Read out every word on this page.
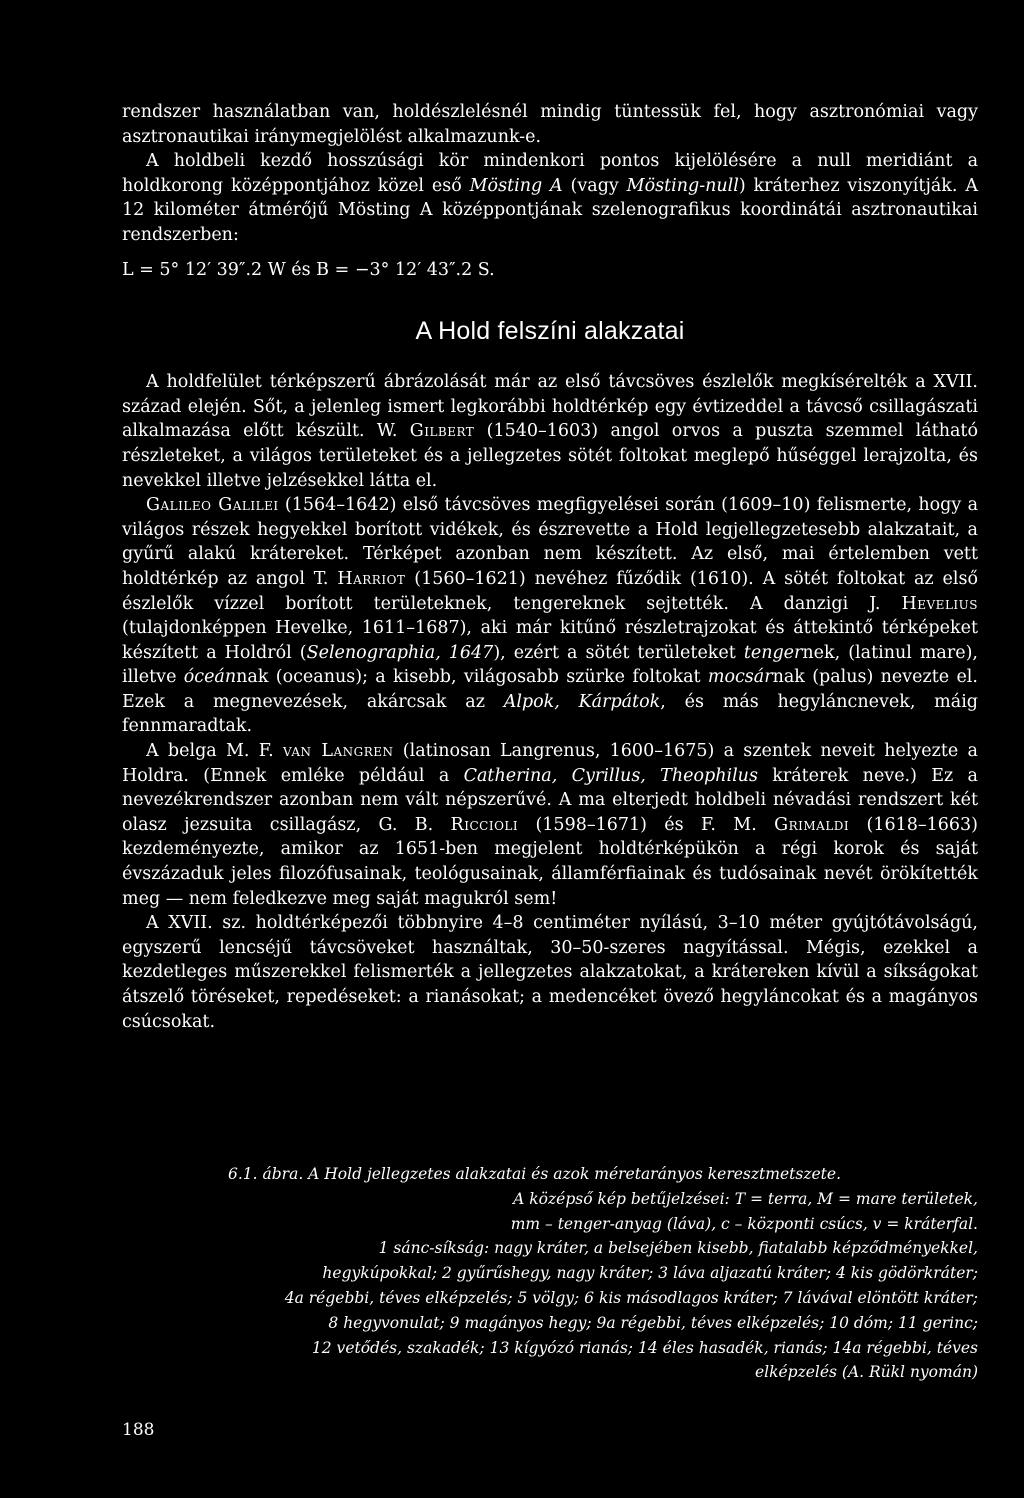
rendszer használatban van, holdészlelésnél mindig tüntessük fel, hogy asztronómiai vagy asztronautikai iránymegjelölést alkalmazunk-e.

A holdbeli kezdő hosszúsági kör mindenkori pontos kijelölésére a null meridiánt a holdkorong középpontjához közel eső Mösting A (vagy Mösting-null) kráterhez viszonyítják. A 12 kilométer átmérőjű Mösting A középpontjának szelenografikus koordinátái asztronautikai rendszerben:

L = 5° 12′ 39″.2 W és B = −3° 12′ 43″.2 S.

A Hold felszíni alakzatai

A holdfelület térképszerű ábrázolását már az első távcsöves észlelők megkísérelték a XVII. század elején. Sőt, a jelenleg ismert legkorábbi holdtérkép egy évtizeddel a távcső csillagászati alkalmazása előtt készült. W. Gilbert (1540–1603) angol orvos a puszta szemmel látható részleteket, a világos területeket és a jellegzetes sötét foltokat meglepő hűséggel lerajzolta, és nevekkel illetve jelzésekkel látta el.

Galileo Galilei (1564–1642) első távcsöves megfigyelései során (1609–10) felismerte, hogy a világos részek hegyekkel borított vidékek, és észrevette a Hold legjellegzetesebb alakzatait, a gyűrű alakú krátereket. Térképet azonban nem készített. Az első, mai értelemben vett holdtérkép az angol T. Harriot (1560–1621) nevéhez fűződik (1610). A sötét foltokat az első észlelők vízzel borított területeknek, tengereknek sejtették. A danzigi J. Hevelius (tulajdonképpen Hevelke, 1611–1687), aki már kitűnő részletrajzokat és áttekintő térképeket készített a Holdról (Selenographia, 1647), ezért a sötét területeket tengernek, (latinul mare), illetve óceánnak (oceanus); a kisebb, világosabb szürke foltokat mocsárnak (palus) nevezte el. Ezek a megnevezések, akárcsak az Alpok, Kárpátok, és más hegyláncnevek, máig fennmaradtak.

A belga M. F. van Langren (latinosan Langrenus, 1600–1675) a szentek neveit helyezte a Holdra. (Ennek emléke például a Catherina, Cyrillus, Theophilus kráterek neve.) Ez a nevezékrendszer azonban nem vált népszerűvé. A ma elterjedt holdbeli névadási rendszert két olasz jezsuita csillagász, G. B. Riccioli (1598–1671) és F. M. Grimaldi (1618–1663) kezdeményezte, amikor az 1651-ben megjelent holdtérképükön a régi korok és saját évszázaduk jeles filozófusainak, teológusainak, államférfiainak és tudósainak nevét örökítették meg — nem feledkezve meg saját magukról sem!

A XVII. sz. holdtérképezői többnyire 4–8 centiméter nyílású, 3–10 méter gyújtótávolságú, egyszerű lencséjű távcsöveket használtak, 30–50-szeres nagyítással. Mégis, ezekkel a kezdetleges műszerekkel felismerték a jellegzetes alakzatokat, a krátereken kívül a síkságokat átszelő töréseket, repedéseket: a rianásokat; a medencéket övező hegyláncokat és a magányos csúcsokat.

6.1. ábra. A Hold jellegzetes alakzatai és azok méretarányos keresztmetszete.
A középső kép betűjelzései: T = terra, M = mare területek,
mm – tenger-anyag (láva), c – központi csúcs, v = kráterfal.
1 sánc-síkság: nagy kráter, a belsejében kisebb, fiatalabb képződményekkel,
hegykúpokkal; 2 gyűrűshegy, nagy kráter; 3 láva aljazatú kráter; 4 kis gödörkráter;
4a régebbi, téves elképzelés; 5 völgy; 6 kis másodlagos kráter; 7 lávával elöntött kráter;
8 hegyvonulat; 9 magányos hegy; 9a régebbi, téves elképzelés; 10 dóm; 11 gerinc;
12 vetődés, szakadék; 13 kígyózó rianás; 14 éles hasadék, rianás; 14a régebbi, téves
elképzelés (A. Rükl nyomán)
188
